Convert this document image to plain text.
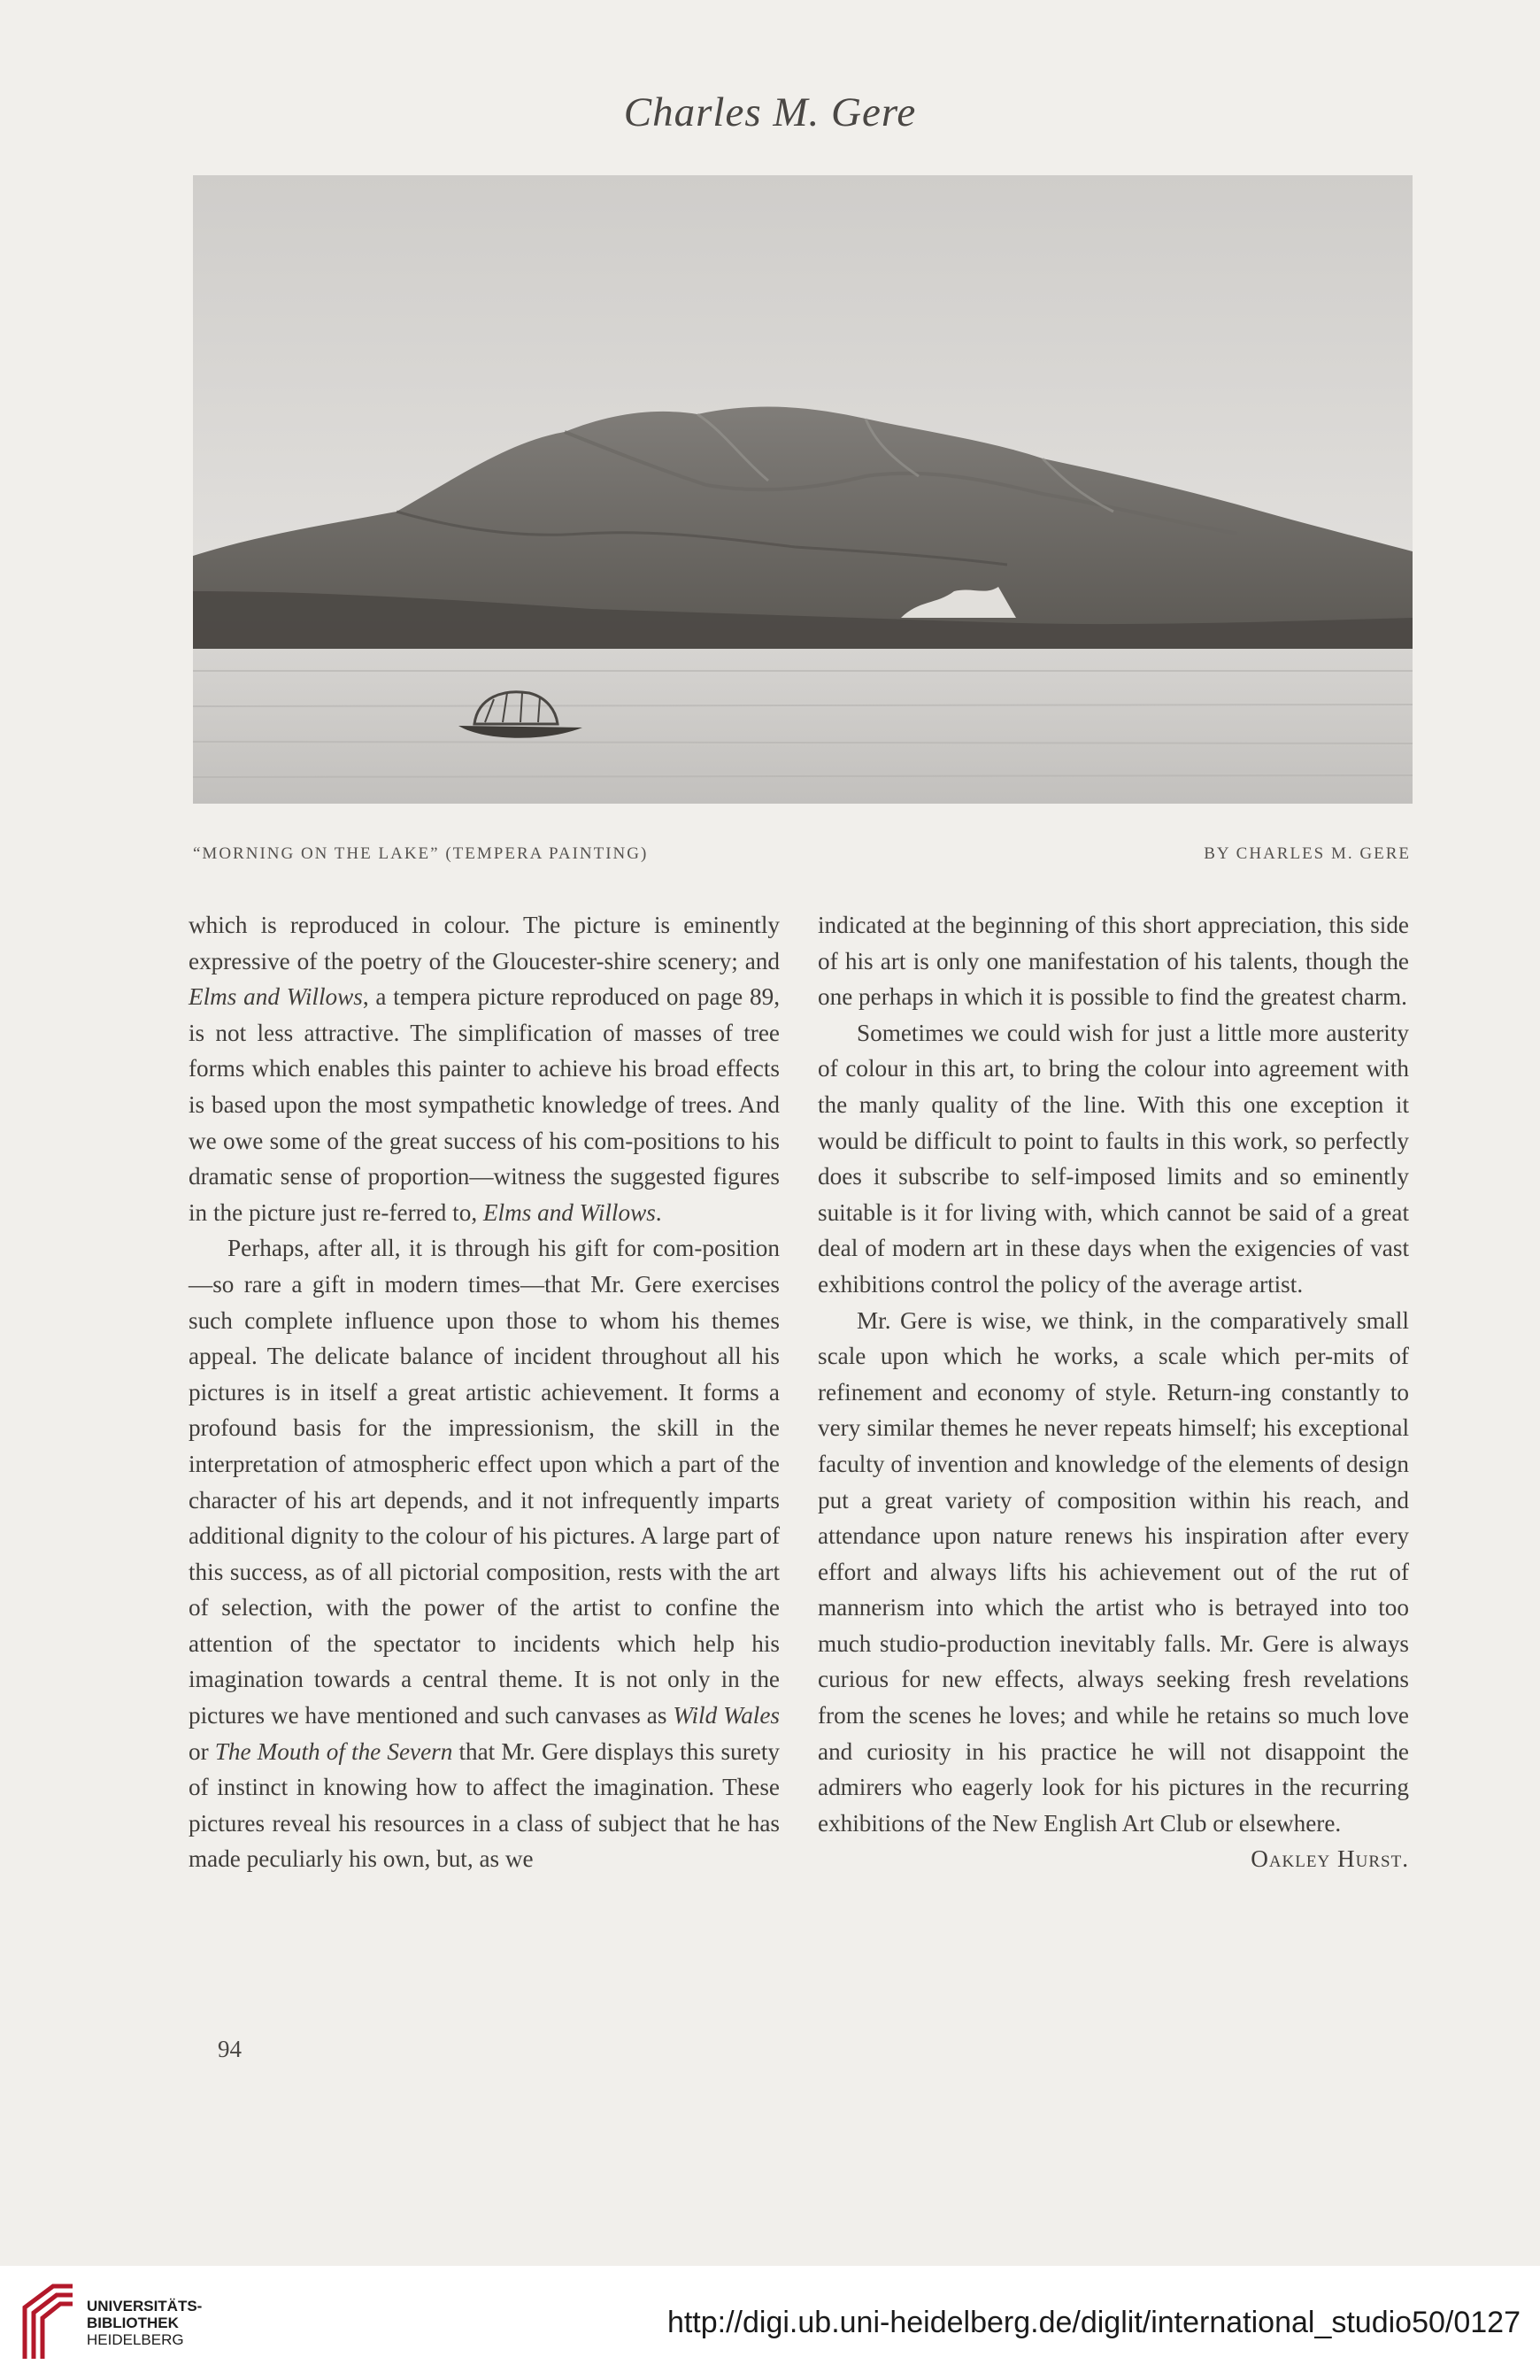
Charles M. Gere
“MORNING ON THE LAKE” (TEMPERA PAINTING)	BY CHARLES M. GERE

which is reproduced in colour. The picture is eminently expressive of the poetry of the Gloucester-shire scenery; and Elms and Willows, a tempera picture reproduced on page 89, is not less attractive. The simplification of masses of tree forms which enables this painter to achieve his broad effects is based upon the most sympathetic knowledge of trees. And we owe some of the great success of his com-positions to his dramatic sense of proportion—witness the suggested figures in the picture just re-ferred to, Elms and Willows.

Perhaps, after all, it is through his gift for com-position—so rare a gift in modern times—that Mr. Gere exercises such complete influence upon those to whom his themes appeal. The delicate balance of incident throughout all his pictures is in itself a great artistic achievement. It forms a profound basis for the impressionism, the skill in the interpretation of atmospheric effect upon which a part of the character of his art depends, and it not infrequently imparts additional dignity to the colour of his pictures. A large part of this success, as of all pictorial composition, rests with the art of selection, with the power of the artist to confine the attention of the spectator to incidents which help his imagination towards a central theme. It is not only in the pictures we have mentioned and such canvases as Wild Wales or The Mouth of the Severn that Mr. Gere displays this surety of instinct in knowing how to affect the imagination. These pictures reveal his resources in a class of subject that he has made peculiarly his own, but, as we

indicated at the beginning of this short appreciation, this side of his art is only one manifestation of his talents, though the one perhaps in which it is possible to find the greatest charm.

Sometimes we could wish for just a little more austerity of colour in this art, to bring the colour into agreement with the manly quality of the line. With this one exception it would be difficult to point to faults in this work, so perfectly does it subscribe to self-imposed limits and so eminently suitable is it for living with, which cannot be said of a great deal of modern art in these days when the exigencies of vast exhibitions control the policy of the average artist.

Mr. Gere is wise, we think, in the comparatively small scale upon which he works, a scale which per-mits of refinement and economy of style. Return-ing constantly to very similar themes he never repeats himself; his exceptional faculty of invention and knowledge of the elements of design put a great variety of composition within his reach, and attendance upon nature renews his inspiration after every effort and always lifts his achievement out of the rut of mannerism into which the artist who is betrayed into too much studio-production inevitably falls. Mr. Gere is always curious for new effects, always seeking fresh revelations from the scenes he loves; and while he retains so much love and curiosity in his practice he will not disappoint the admirers who eagerly look for his pictures in the recurring exhibitions of the New English Art Club or elsewhere.

Oakley Hurst.
94
UNIVERSITÄTS-
BIBLIOTHEK
HEIDELBERG
http://digi.ub.uni-heidelberg.de/diglit/international_studio50/0127
